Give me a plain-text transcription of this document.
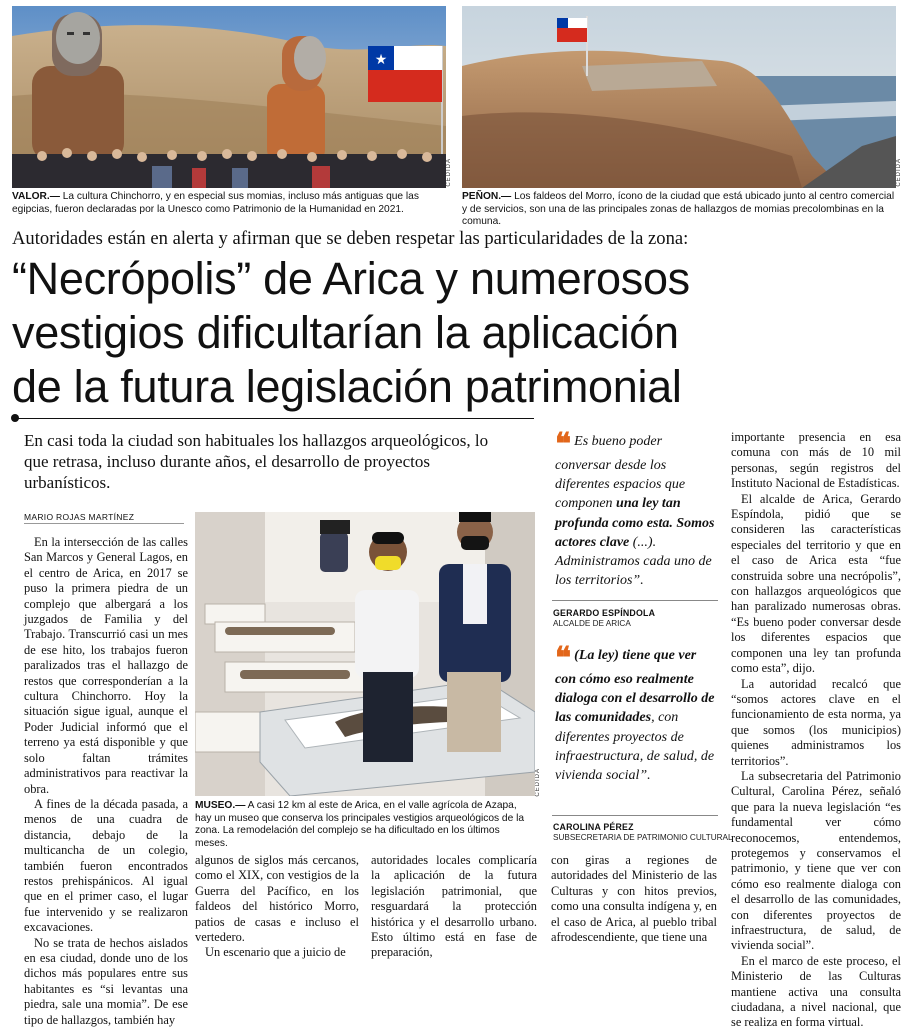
★
CEDIDA
VALOR.— La cultura Chinchorro, y en especial sus momias, incluso más antiguas que las egipcias, fueron declaradas por la Unesco como Patrimonio de la Humanidad en 2021.
CEDIDA
PEÑON.— Los faldeos del Morro, ícono de la ciudad que está ubicado junto al centro comercial y de servicios, son una de las principales zonas de hallazgos de momias precolombinas en la comuna.
Autoridades están en alerta y afirman que se deben respetar las particularidades de la zona:
“Necrópolis” de Arica y numerosos
vestigios dificultarían la aplicación
de la futura legislación patrimonial
En casi toda la ciudad son habituales los hallazgos arqueológicos, lo que retrasa, incluso durante años, el desarrollo de proyectos urbanísticos.
MARIO ROJAS MARTÍNEZ

En la intersección de las calles San Marcos y General Lagos, en el centro de Arica, en 2017 se puso la primera piedra de un complejo que albergará a los juzgados de Familia y del Trabajo. Transcurrió casi un mes de ese hito, los trabajos fueron paralizados tras el hallazgo de restos que corresponderían a la cultura Chinchorro. Hoy la situación sigue igual, aunque el Poder Judicial informó que el terreno ya está disponible y que solo faltan trámites administrativos para reactivar la obra.

A fines de la década pasada, a menos de una cuadra de distancia, debajo de la multicancha de un colegio, también fueron encontrados restos prehispánicos. Al igual que en el primer caso, el lugar fue intervenido y se realizaron excavaciones.

No se trata de hechos aislados en esa ciudad, donde uno de los dichos más populares entre sus habitantes es “si levantas una piedra, sale una momia”. De ese tipo de hallazgos, también hay

CEDIDA
MUSEO.— A casi 12 km al este de Arica, en el valle agrícola de Azapa, hay un museo que conserva los principales vestigios arqueológicos de la zona. La remodelación del complejo se ha dificultado en los últimos meses.

algunos de siglos más cercanos, como el XIX, con vestigios de la Guerra del Pacífico, en los faldeos del histórico Morro, patios de casas e incluso el vertedero.

Un escenario que a juicio de

autoridades locales complicaría la aplicación de la futura legislación patrimonial, que resguardará la protección histórica y el desarrollo urbano. Esto último está en fase de preparación,

con giras a regiones de autoridades del Ministerio de las Culturas y con hitos previos, como una consulta indígena y, en el caso de Arica, al pueblo tribal afrodescendiente, que tiene una

❝ Es bueno poder conversar desde los diferentes espacios que componen una ley tan profunda como esta. Somos actores clave (...). Administramos cada uno de los territorios”.
GERARDO ESPÍNDOLA
ALCALDE DE ARICA
❝ (La ley) tiene que ver con cómo eso realmente dialoga con el desarrollo de las comunidades, con diferentes proyectos de infraestructura, de salud, de vivienda social”.
CAROLINA PÉREZ
SUBSECRETARIA DE PATRIMONIO CULTURAL

importante presencia en esa comuna con más de 10 mil personas, según registros del Instituto Nacional de Estadísticas.

El alcalde de Arica, Gerardo Espíndola, pidió que se consideren las características especiales del territorio y que en el caso de Arica esta “fue construida sobre una necrópolis”, con hallazgos arqueológicos que han paralizado numerosas obras. “Es bueno poder conversar desde los diferentes espacios que componen una ley tan profunda como esta”, dijo.

La autoridad recalcó que “somos actores clave en el funcionamiento de esta norma, ya que somos (los municipios) quienes administramos los territorios”.

La subsecretaria del Patrimonio Cultural, Carolina Pérez, señaló que para la nueva legislación “es fundamental ver cómo reconocemos, entendemos, protegemos y conservamos el patrimonio, y tiene que ver con cómo eso realmente dialoga con el desarrollo de las comunidades, con diferentes proyectos de infraestructura, de salud, de vivienda social”.

En el marco de este proceso, el Ministerio de las Culturas mantiene activa una consulta ciudadana, a nivel nacional, que se realiza en forma virtual.
